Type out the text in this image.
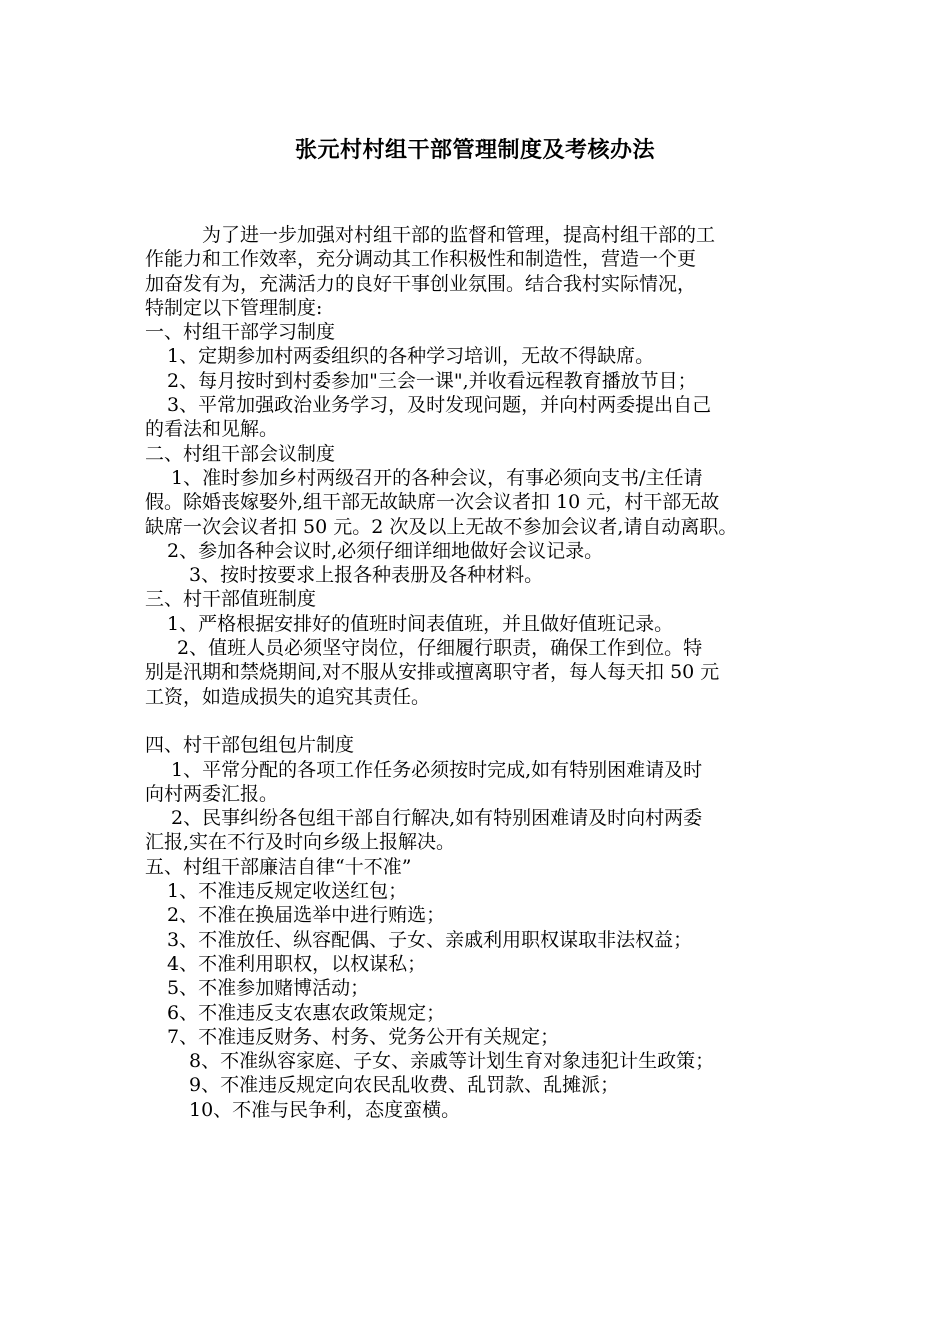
张元村村组干部管理制度及考核办法
为了进一步加强对村组干部的监督和管理，提高村组干部的工
作能力和工作效率，充分调动其工作积极性和制造性，营造一个更
加奋发有为，充满活力的良好干事创业氛围。结合我村实际情况，
特制定以下管理制度:
一、村组干部学习制度
1、定期参加村两委组织的各种学习培训，无故不得缺席。
2、每月按时到村委参加"三会一课",并收看远程教育播放节目；
3、平常加强政治业务学习，及时发现问题，并向村两委提出自己
的看法和见解。
二、村组干部会议制度
1、准时参加乡村两级召开的各种会议，有事必须向支书/主任请
假。除婚丧嫁娶外,组干部无故缺席一次会议者扣 10 元，村干部无故
缺席一次会议者扣 50 元。2 次及以上无故不参加会议者,请自动离职。
2、参加各种会议时,必须仔细详细地做好会议记录。
3、按时按要求上报各种表册及各种材料。
三、村干部值班制度
1、严格根据安排好的值班时间表值班，并且做好值班记录。
2、值班人员必须坚守岗位，仔细履行职责，确保工作到位。特
别是汛期和禁烧期间,对不服从安排或擅离职守者，每人每天扣 50 元
工资，如造成损失的追究其责任。
四、村干部包组包片制度
1、平常分配的各项工作任务必须按时完成,如有特别困难请及时
向村两委汇报。
2、民事纠纷各包组干部自行解决,如有特别困难请及时向村两委
汇报,实在不行及时向乡级上报解决。
五、村组干部廉洁自律“十不准”
1、不准违反规定收送红包；
2、不准在换届选举中进行贿选；
3、不准放任、纵容配偶、子女、亲戚利用职权谋取非法权益；
4、不准利用职权，以权谋私；
5、不准参加赌博活动；
6、不准违反支农惠农政策规定；
7、不准违反财务、村务、党务公开有关规定；
8、不准纵容家庭、子女、亲戚等计划生育对象违犯计生政策；
9、不准违反规定向农民乱收费、乱罚款、乱摊派；
10、不准与民争利，态度蛮横。
